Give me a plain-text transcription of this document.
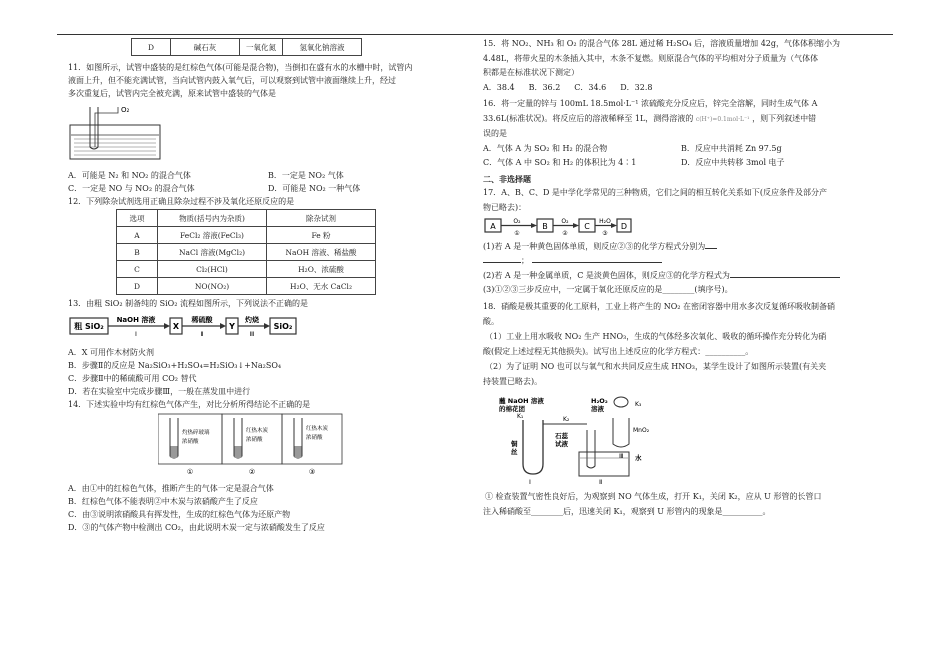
D	碱石灰	一氧化氮	氢氧化钠溶液
11．如图所示，试管中盛装的是红棕色气体(可能是混合物)，当倒扣在盛有水的水槽中时，试管内
液面上升，但不能充满试管，当向试管内鼓入氧气后，可以观察到试管中液面继续上升，经过
多次重复后，试管内完全被充满，原来试管中盛装的气体是
O₂
A．可能是 N₂ 和 NO₂ 的混合气体	B．一定是 NO₂ 气体
C．一定是 NO 与 NO₂ 的混合气体	D．可能是 NO₂ 一种气体
12．下列除杂试剂选用正确且除杂过程不涉及氧化还原反应的是
选项	物质(括号内为杂质)	除杂试剂
A	FeCl₂ 溶液(FeCl₃)	Fe 粉
B	NaCl 溶液(MgCl₂)	NaOH 溶液、稀盐酸
C	Cl₂(HCl)	H₂O、浓硫酸
D	NO(NO₂)	H₂O、无水 CaCl₂
13．由粗 SiO₂ 制备纯的 SiO₂ 流程如图所示，下列说法不正确的是
粗 SiO₂
NaOH 溶液
Ⅰ
X
稀硫酸
Ⅱ
Y
灼烧
Ⅲ
SiO₂
A．X 可用作木材防火剂
B．步骤Ⅱ的反应是 Na₂SiO₃+H₂SO₄=H₂SiO₃↓+Na₂SO₄
C．步骤Ⅱ中的稀硫酸可用 CO₂ 替代
D．若在实验室中完成步骤Ⅲ，一般在蒸发皿中进行
14．下述实验中均有红棕色气体产生，对比分析所得结论不正确的是
灼热碎玻璃
浓硝酸
红热木炭
浓硝酸
红热木炭
浓硝酸
①	②	③
A．由①中的红棕色气体，推断产生的气体一定是混合气体
B．红棕色气体不能表明②中木炭与浓硝酸产生了反应
C．由③说明浓硝酸具有挥发性，生成的红棕色气体为还原产物
D．③的气体产物中检测出 CO₂，由此说明木炭一定与浓硝酸发生了反应
15．将 NO₂、NH₃ 和 O₂ 的混合气体 28L 通过稀 H₂SO₄ 后，溶液质量增加 42g，气体体积缩小为
4.48L，将带火星的木条插入其中，木条不复燃。则原混合气体的平均相对分子质量为（气体体
积都是在标准状况下测定）
A．38.4 B．36.2 C．34.6 D．32.8
16．将一定量的锌与 100mL 18.5mol·L⁻¹ 浓硫酸充分反应后，锌完全溶解，同时生成气体 A
33.6L(标准状况)。将反应后的溶液稀释至 1L，测得溶液的 c(H⁺)=0.1mol·L⁻¹ ，则下列叙述中错
误的是
A．气体 A 为 SO₂ 和 H₂ 的混合物	B．反应中共消耗 Zn 97.5g
C．气体 A 中 SO₂ 和 H₂ 的体积比为 4∶1	D．反应中共转移 3mol 电子
二、非选择题
17．A、B、C、D 是中学化学常见的三种物质，它们之间的相互转化关系如下(反应条件及部分产
物已略去)：
A
O₂
①
B
O₂
②
C
H₂O
③
D
(1)若 A 是一种黄色固体单质，则反应②③的化学方程式分别为
；
(2)若 A 是一种金属单质，C 是淡黄色固体，则反应③的化学方程式为
(3)①②③三步反应中，一定属于氧化还原反应的是________(填序号)。
18．硝酸是极其重要的化工原料，工业上将产生的 NO₂ 在密闭容器中用水多次反复循环吸收制备硝
酸。
（1）工业上用水吸收 NO₂ 生产 HNO₃，生成的气体经多次氧化、吸收的循环操作充分转化为硝
酸(假定上述过程无其他损失)。试写出上述反应的化学方程式：__________。
（2）为了证明 NO 也可以与氧气和水共同反应生成 HNO₃，某学生设计了如图所示装置(有关夹
持装置已略去)。
蘸 NaOH 溶液
的棉花团
K₁
铜
丝
K₂
石蕊
试液
水
H₂O₂
溶液
K₃
MnO₂
Ⅰ	Ⅱ
Ⅲ
① 检查装置气密性良好后，为观察到 NO 气体生成，打开 K₁，关闭 K₂，应从 U 形管的长管口
注入稀硝酸至________后，迅速关闭 K₁，观察到 U 形管内的现象是__________。
